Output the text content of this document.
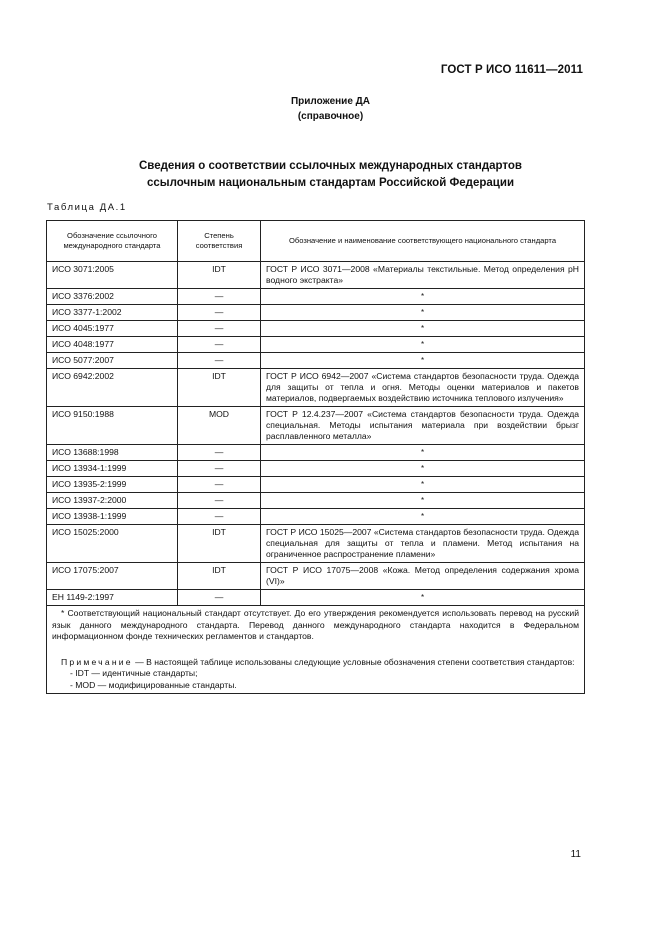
ГОСТ Р ИСО 11611—2011
Приложение ДА
(справочное)
Сведения о соответствии ссылочных международных стандартов
ссылочным национальным стандартам Российской Федерации
Таблица ДА.1
Обозначение ссылочного международного стандарта	Степень соответствия	Обозначение и наименование соответствующего национального стандарта
ИСО 3071:2005	IDT	ГОСТ Р ИСО 3071—2008 «Материалы текстильные. Метод определения pH водного экстракта»
ИСО 3376:2002	—	*
ИСО 3377-1:2002	—	*
ИСО 4045:1977	—	*
ИСО 4048:1977	—	*
ИСО 5077:2007	—	*
ИСО 6942:2002	IDT	ГОСТ Р ИСО 6942—2007 «Система стандартов безопасности труда. Одежда для защиты от тепла и огня. Методы оценки материалов и пакетов материалов, подвергаемых воздействию источника теплового излучения»
ИСО 9150:1988	MOD	ГОСТ Р 12.4.237—2007 «Система стандартов безопасности труда. Одежда специальная. Методы испытания материала при воздействии брызг расплавленного металла»
ИСО 13688:1998	—	*
ИСО 13934-1:1999	—	*
ИСО 13935-2:1999	—	*
ИСО 13937-2:2000	—	*
ИСО 13938-1:1999	—	*
ИСО 15025:2000	IDT	ГОСТ Р ИСО 15025—2007 «Система стандартов безопасности труда. Одежда специальная для защиты от тепла и пламени. Метод испытания на ограниченное распространение пламени»
ИСО 17075:2007	IDT	ГОСТ Р ИСО 17075—2008 «Кожа. Метод определения содержания хрома (VI)»
ЕН 1149-2:1997	—	*

* Соответствующий национальный стандарт отсутствует. До его утверждения рекомендуется использовать перевод на русский язык данного международного стандарта. Перевод данного международного стандарта находится в Федеральном информационном фонде технических регламентов и стандартов.

Примечание — В настоящей таблице использованы следующие условные обозначения степени соответствия стандартов:

- IDT — идентичные стандарты;

- MOD — модифицированные стандарты.		

11
